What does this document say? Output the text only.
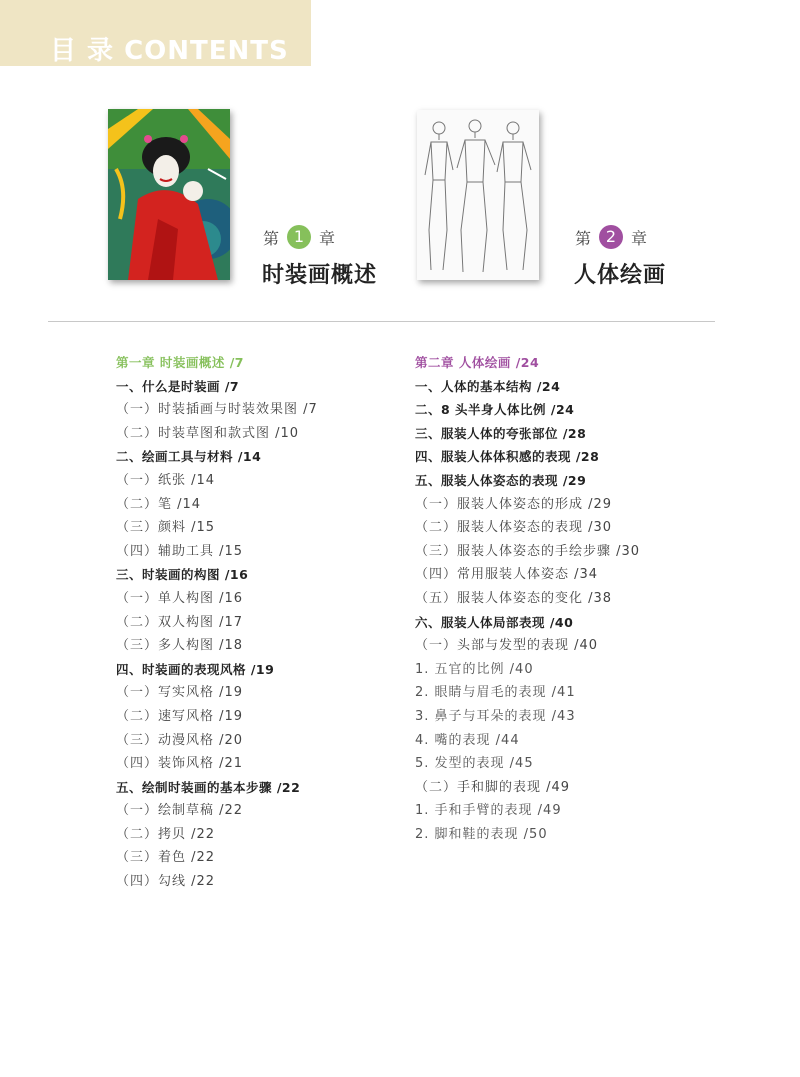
目 录 CONTENTS
第 1 章
时装画概述
第 2 章
人体绘画
第一章 时装画概述 /7
一、什么是时装画 /7
（一）时装插画与时装效果图 /7
（二）时装草图和款式图 /10
二、绘画工具与材料 /14
（一）纸张 /14
（二）笔 /14
（三）颜料 /15
（四）辅助工具 /15
三、时装画的构图 /16
（一）单人构图 /16
（二）双人构图 /17
（三）多人构图 /18
四、时装画的表现风格 /19
（一）写实风格 /19
（二）速写风格 /19
（三）动漫风格 /20
（四）装饰风格 /21
五、绘制时装画的基本步骤 /22
（一）绘制草稿 /22
（二）拷贝 /22
（三）着色 /22
（四）勾线 /22
第二章 人体绘画 /24
一、人体的基本结构 /24
二、8 头半身人体比例 /24
三、服装人体的夸张部位 /28
四、服装人体体积感的表现 /28
五、服装人体姿态的表现 /29
（一）服装人体姿态的形成 /29
（二）服装人体姿态的表现 /30
（三）服装人体姿态的手绘步骤 /30
（四）常用服装人体姿态 /34
（五）服装人体姿态的变化 /38
六、服装人体局部表现 /40
（一）头部与发型的表现 /40
1. 五官的比例 /40
2. 眼睛与眉毛的表现 /41
3. 鼻子与耳朵的表现 /43
4. 嘴的表现 /44
5. 发型的表现 /45
（二）手和脚的表现 /49
1. 手和手臂的表现 /49
2. 脚和鞋的表现 /50
